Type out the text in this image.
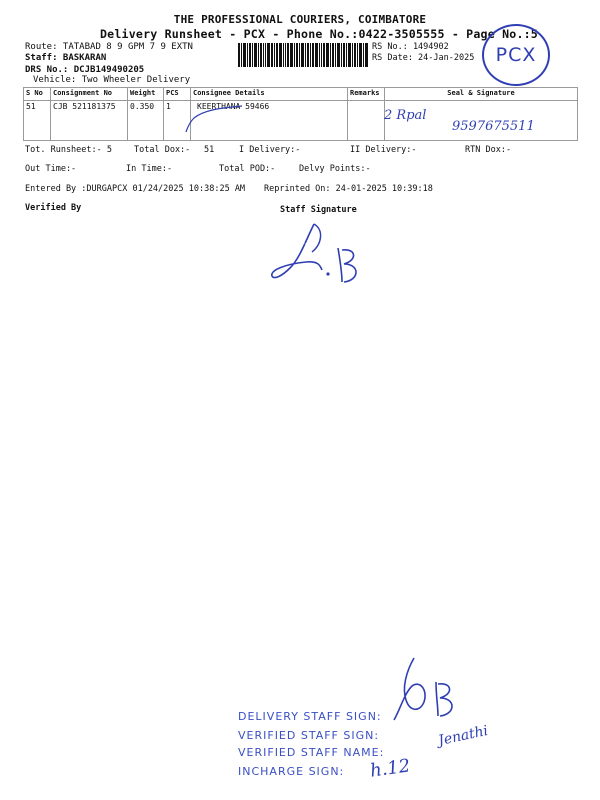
THE PROFESSIONAL COURIERS, COIMBATORE
Delivery Runsheet - PCX - Phone No.:0422-3505555 - Page No.:5
Route: TATABAD 8 9 GPM 7 9 EXTN
Staff: BASKARAN
DRS No.: DCJB149490205
Vehicle: Two Wheeler Delivery
RS No.: 1494902
RS Date: 24-Jan-2025	PCX
S No	Consignment No	Weight	PCS	Consignee Details	Remarks	Seal & Signature
51	CJB 521181375	0.350	1	KEERTHANA 59466		
2 Rpal
9597675511
Tot. Runsheet:- 5	Total Dox:- 51	I Delivery:-	II Delivery:-	RTN Dox:-
Out Time:-	In Time:-	Total POD:-	Delvy Points:-
Entered By :DURGAPCX 01/24/2025 10:38:25 AM Reprinted On: 24-01-2025 10:39:18
Verified By	Staff Signature
R.B
R.B
DELIVERY STAFF SIGN:
VERIFIED STAFF SIGN:
VERIFIED STAFF NAME:
INCHARGE SIGN:
Jenathi
h.12
